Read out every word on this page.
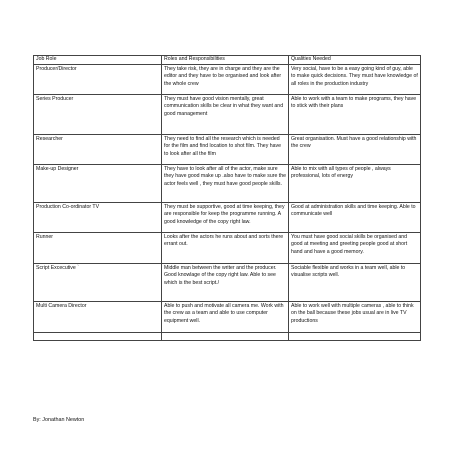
Job Role	Roles and Responsibilities	Qualities Needed
Producer/Director	They take risk, they are in charge and they are the editor and they have to be organised and look after the whole crew	Very social, have to be a easy going kind of guy, able to make quick decisions. They must have knowledge of all roles in the production industry
Series Producer	They must have good vision mentally, great communication skills be clear in what they want and good management	Able to work with a team to make programs, they have to stick with their plans
Researcher	They need to find all the research which is needed for the film and find location to shot film. They have to look after all the film	Great organisation. Must have a good relationship with the crew
Make-up Designer	They have to look after all of the actor, make sure they have good make up .also have to make sure the actor feels well , they must have good people skills.	Able to mix with all types of people , always professional, lots of energy
Production Co-ordinator TV	They must be supportive, good at time keeping, they are responsible for keep the programme running. A good knowledge of the copy right law.	Good at administration skills and time keeping. Able to communicate well
Runner	Looks after the actors he runs about and sorts there errant out.	You must have good social skills be organised and good at meeting and greeting people good at short hand and have a good memory.
Script Excecutive `	Middle man between the writer and the producer. Good knowlage of the copy right law. Able to see which is the best script./	Sociable flexible and works in a team well, able to visualise scripts well.
Multi Camera Director	Able to push and motivate all camera me. Work with the crew as a team and able to use computer equipment well.	Able to work well with multiple cameras , able to think on the ball because these jobs usual are in live TV productions

By: Jonathan Newton
